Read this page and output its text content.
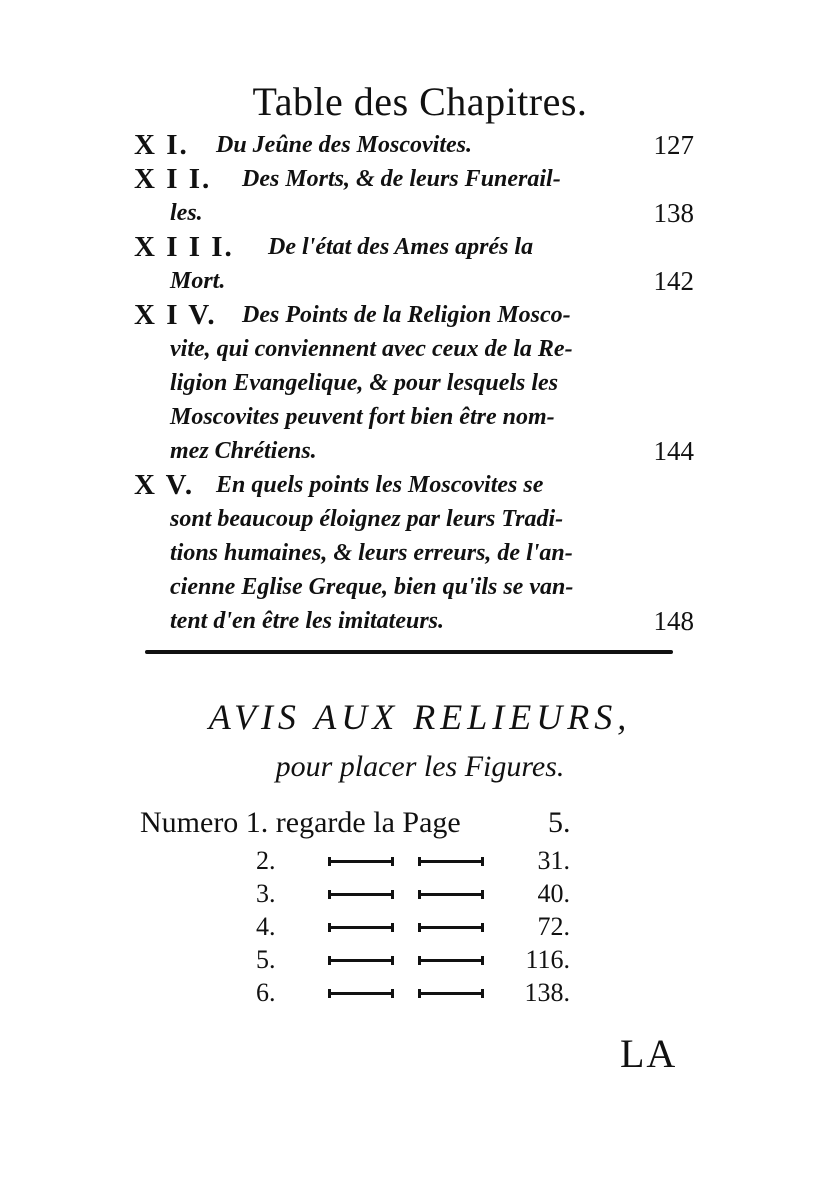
Table des Chapitres.
X I.	Du Jeûne des Moscovites.	127
X I I.	Des Morts, & de leurs Funerail-
les.	138
X I I I.	De l'état des Ames aprés la
Mort.	142
X I V.	Des Points de la Religion Mosco-
vite, qui conviennent avec ceux de la Re-
ligion Evangelique, & pour lesquels les
Moscovites peuvent fort bien être nom-
mez Chrétiens.	144
X V. En quels points les Moscovites se
sont beaucoup éloignez par leurs Tradi-
tions humaines, & leurs erreurs, de l'an-
cienne Eglise Greque, bien qu'ils se van-
tent d'en être les imitateurs.	148
AVIS AUX RELIEURS,
pour placer les Figures.
Numero 1. regarde la Page	5.
2.	31.
3.	40.
4.	72.
5.	116.
6.	138.
LA
